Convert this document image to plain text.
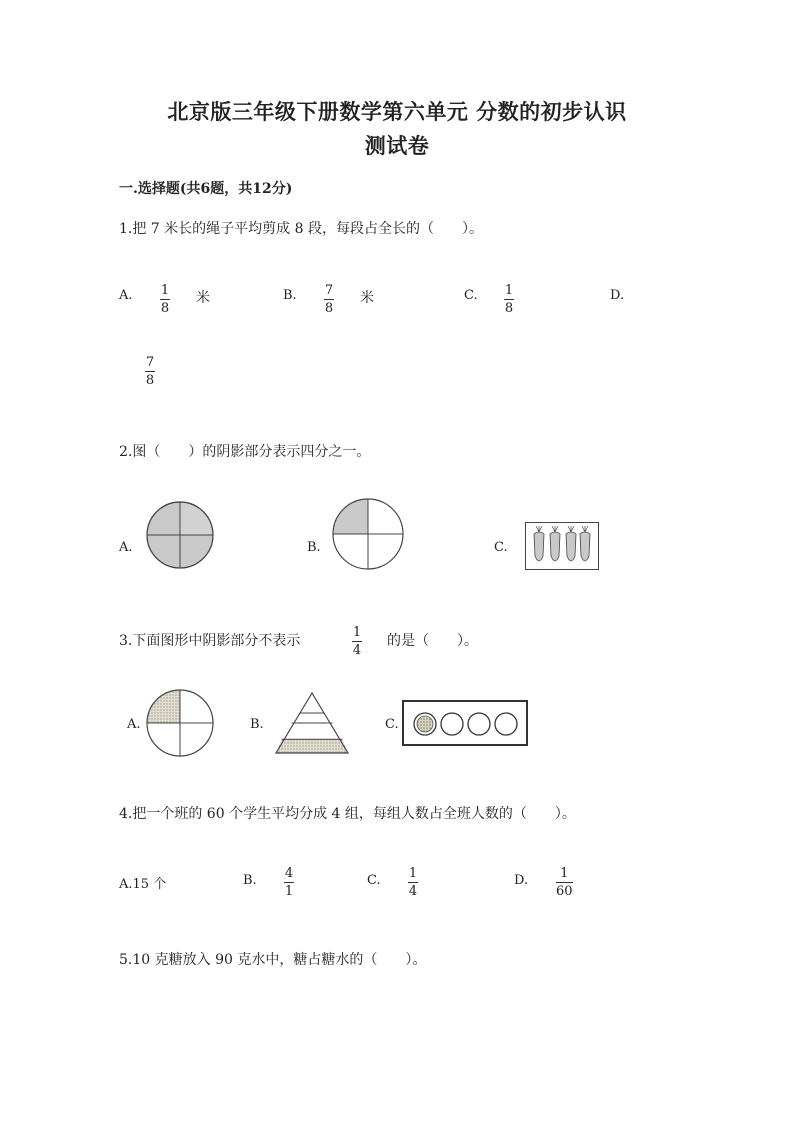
北京版三年级下册数学第六单元 分数的初步认识
测试卷
一.选择题(共6题，共12分)
1.把 7 米长的绳子平均剪成 8 段，每段占全长的（　　）。
A. 1
8
米	B. 7
8
米	C. 1
8
D.
7
8
2.图（　　）的阴影部分表示四分之一。
A.	B.	C.
3.下面图形中阴影部分不表示
1
4
的是（　　）。
A.	B.	C.
4.把一个班的 60 个学生平均分成 4 组，每组人数占全班人数的（　　）。
A.15 个	B. 4
1
C. 1
4
D. 1
60
5.10 克糖放入 90 克水中，糖占糖水的（　　）。
